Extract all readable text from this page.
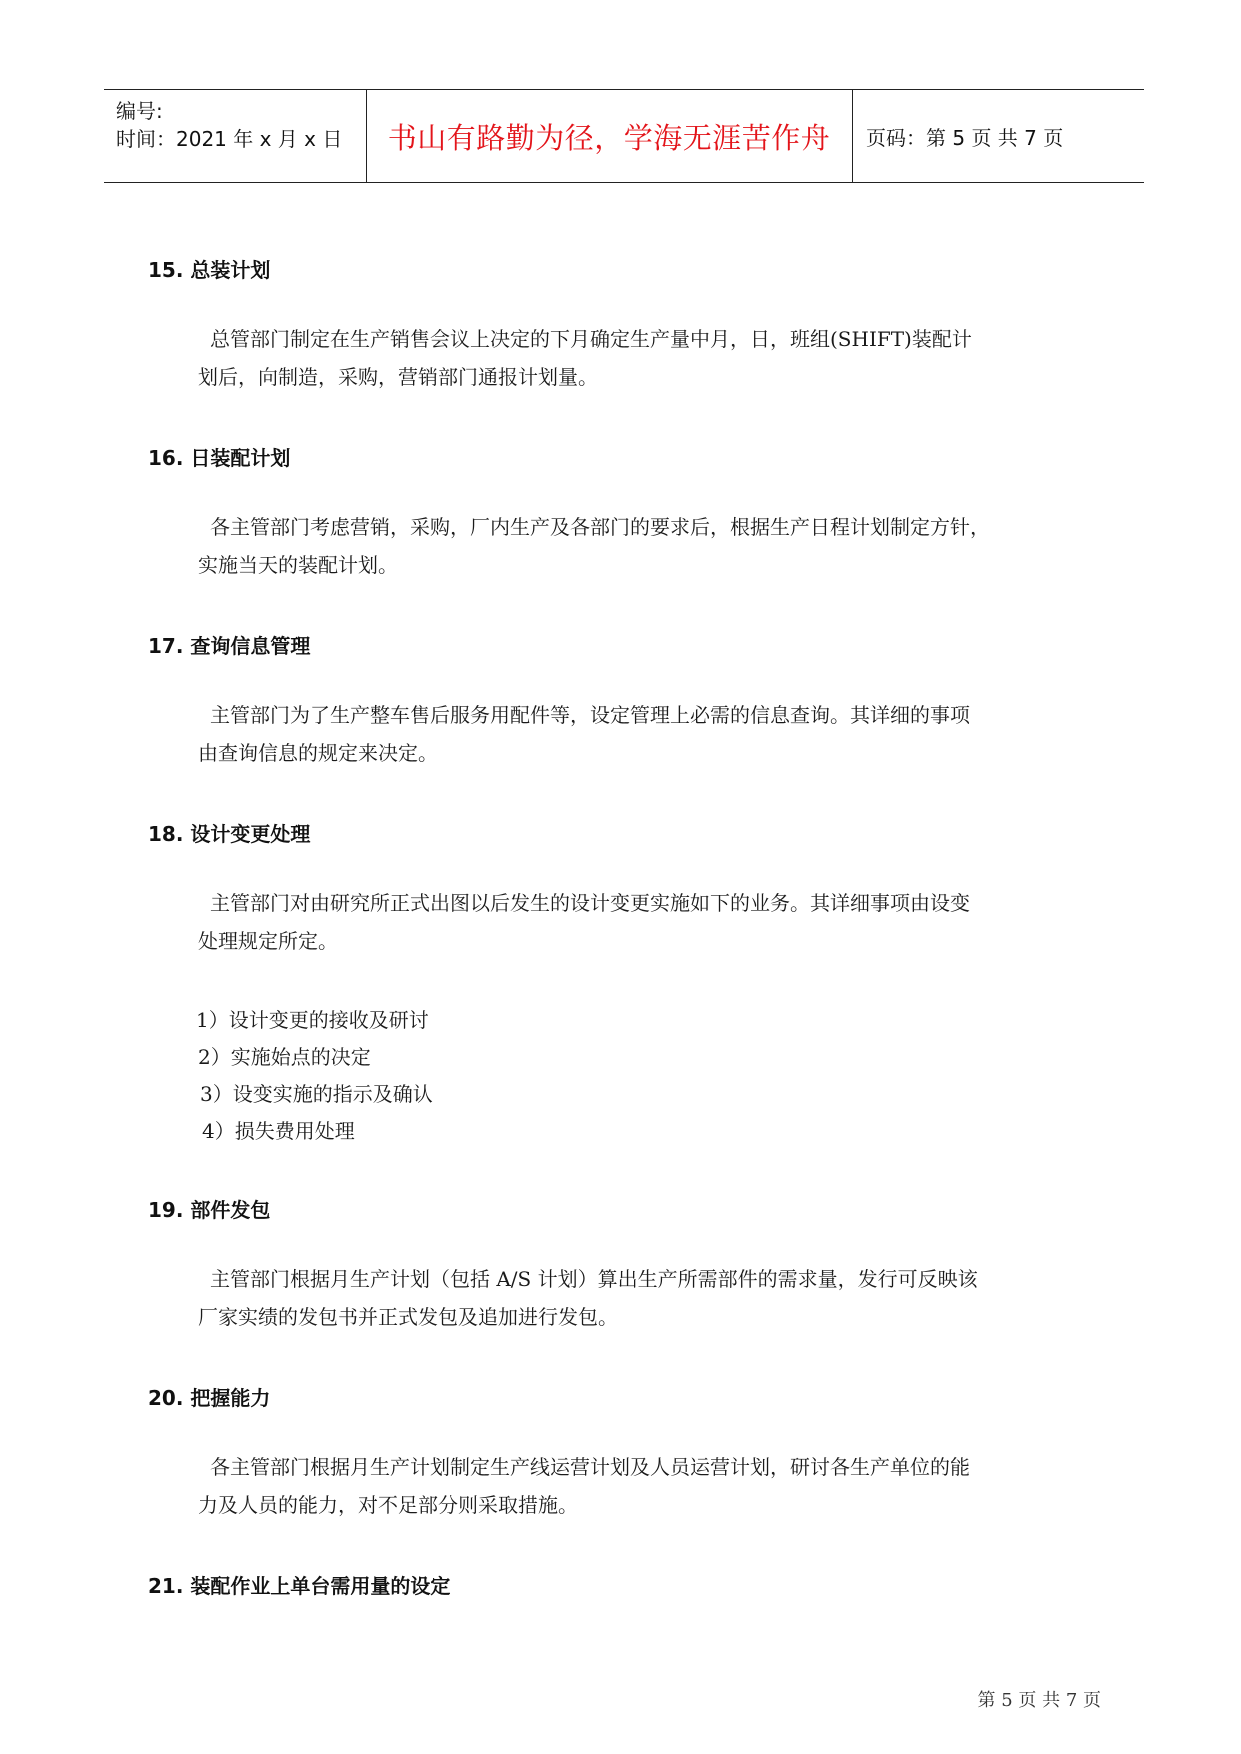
编号:
时间：2021 年 x 月 x 日 书山有路勤为径，学海无涯苦作舟 页码：第 5 页 共 7 页
15. 总装计划
总管部门制定在生产销售会议上决定的下月确定生产量中月，日，班组(SHIFT)装配计
划后，向制造，采购，营销部门通报计划量。
16. 日装配计划
各主管部门考虑营销，采购，厂内生产及各部门的要求后，根据生产日程计划制定方针，
实施当天的装配计划。
17. 查询信息管理
主管部门为了生产整车售后服务用配件等，设定管理上必需的信息查询。其详细的事项
由查询信息的规定来决定。
18. 设计变更处理
主管部门对由研究所正式出图以后发生的设计变更实施如下的业务。其详细事项由设变
处理规定所定。
1）设计变更的接收及研讨
2）实施始点的决定
3）设变实施的指示及确认
4）损失费用处理
19. 部件发包
主管部门根据月生产计划（包括 A/S 计划）算出生产所需部件的需求量，发行可反映该
厂家实绩的发包书并正式发包及追加进行发包。
20. 把握能力
各主管部门根据月生产计划制定生产线运营计划及人员运营计划，研讨各生产单位的能
力及人员的能力，对不足部分则采取措施。
21. 装配作业上单台需用量的设定
第 5 页 共 7 页
